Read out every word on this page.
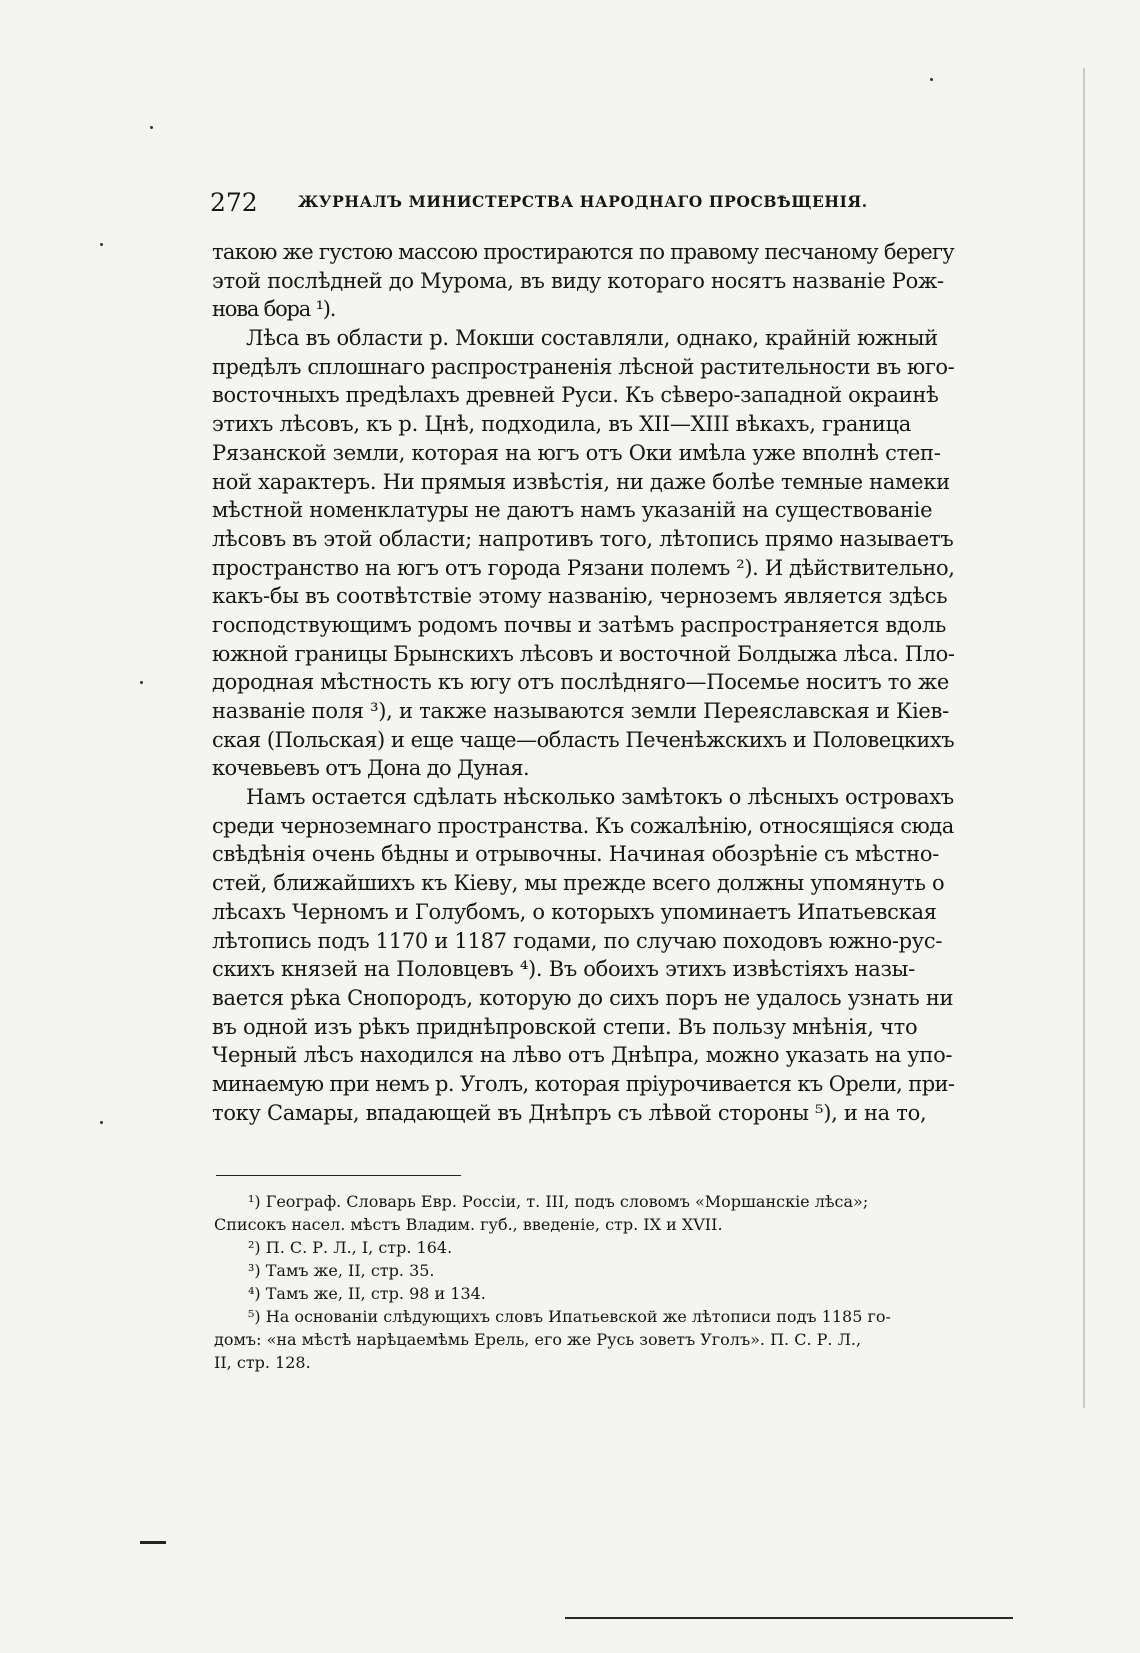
272	ЖУРНАЛЪ МИНИСТЕРСТВА НАРОДНАГО ПРОСВѢЩЕНІЯ.
такою же густою массою простираются по правому песчаному берегу
этой послѣдней до Мурома, въ виду котораго носятъ названіе Рож-
нова бора ¹).
Лѣса въ области р. Мокши составляли, однако, крайній южный
предѣлъ сплошнаго распространенія лѣсной растительности въ юго-
восточныхъ предѣлахъ древней Руси. Къ сѣверо-западной окраинѣ
этихъ лѣсовъ, къ р. Цнѣ, подходила, въ XII—XIII вѣкахъ, граница
Рязанской земли, которая на югъ отъ Оки имѣла уже вполнѣ степ-
ной характеръ. Ни прямыя извѣстія, ни даже болѣе темные намеки
мѣстной номенклатуры не даютъ намъ указаній на существованіе
лѣсовъ въ этой области; напротивъ того, лѣтопись прямо называетъ
пространство на югъ отъ города Рязани полемъ ²). И дѣйствительно,
какъ-бы въ соотвѣтствіе этому названію, черноземъ является здѣсь
господствующимъ родомъ почвы и затѣмъ распространяется вдоль
южной границы Брынскихъ лѣсовъ и восточной Болдыжа лѣса. Пло-
дородная мѣстность къ югу отъ послѣдняго—Посемье носитъ то же
названіе поля ³), и также называются земли Переяславская и Кіев-
ская (Польская) и еще чаще—область Печенѣжскихъ и Половецкихъ
кочевьевъ отъ Дона до Дуная.
Намъ остается сдѣлать нѣсколько замѣтокъ о лѣсныхъ островахъ
среди черноземнаго пространства. Къ сожалѣнію, относящіяся сюда
свѣдѣнія очень бѣдны и отрывочны. Начиная обозрѣніе съ мѣстно-
стей, ближайшихъ къ Кіеву, мы прежде всего должны упомянуть о
лѣсахъ Черномъ и Голубомъ, о которыхъ упоминаетъ Ипатьевская
лѣтопись подъ 1170 и 1187 годами, по случаю походовъ южно-рус-
скихъ князей на Половцевъ ⁴). Въ обоихъ этихъ извѣстіяхъ назы-
вается рѣка Снопородъ, которую до сихъ поръ не удалось узнать ни
въ одной изъ рѣкъ приднѣпровской степи. Въ пользу мнѣнія, что
Черный лѣсъ находился на лѣво отъ Днѣпра, можно указать на упо-
минаемую при немъ р. Уголъ, которая пріурочивается къ Орели, при-
току Самары, впадающей въ Днѣпръ съ лѣвой стороны ⁵), и на то,
¹) Географ. Словарь Евр. Россіи, т. III, подъ словомъ «Моршанскіе лѣса»;
Списокъ насел. мѣстъ Владим. губ., введеніе, стр. IX и XVII.
²) П. С. Р. Л., I, стр. 164.
³) Тамъ же, II, стр. 35.
⁴) Тамъ же, II, стр. 98 и 134.
⁵) На основаніи слѣдующихъ словъ Ипатьевской же лѣтописи подъ 1185 го-
домъ: «на мѣстѣ нарѣцаемѣмь Ерель, его же Русь зоветъ Уголъ». П. С. Р. Л.,
II, стр. 128.
